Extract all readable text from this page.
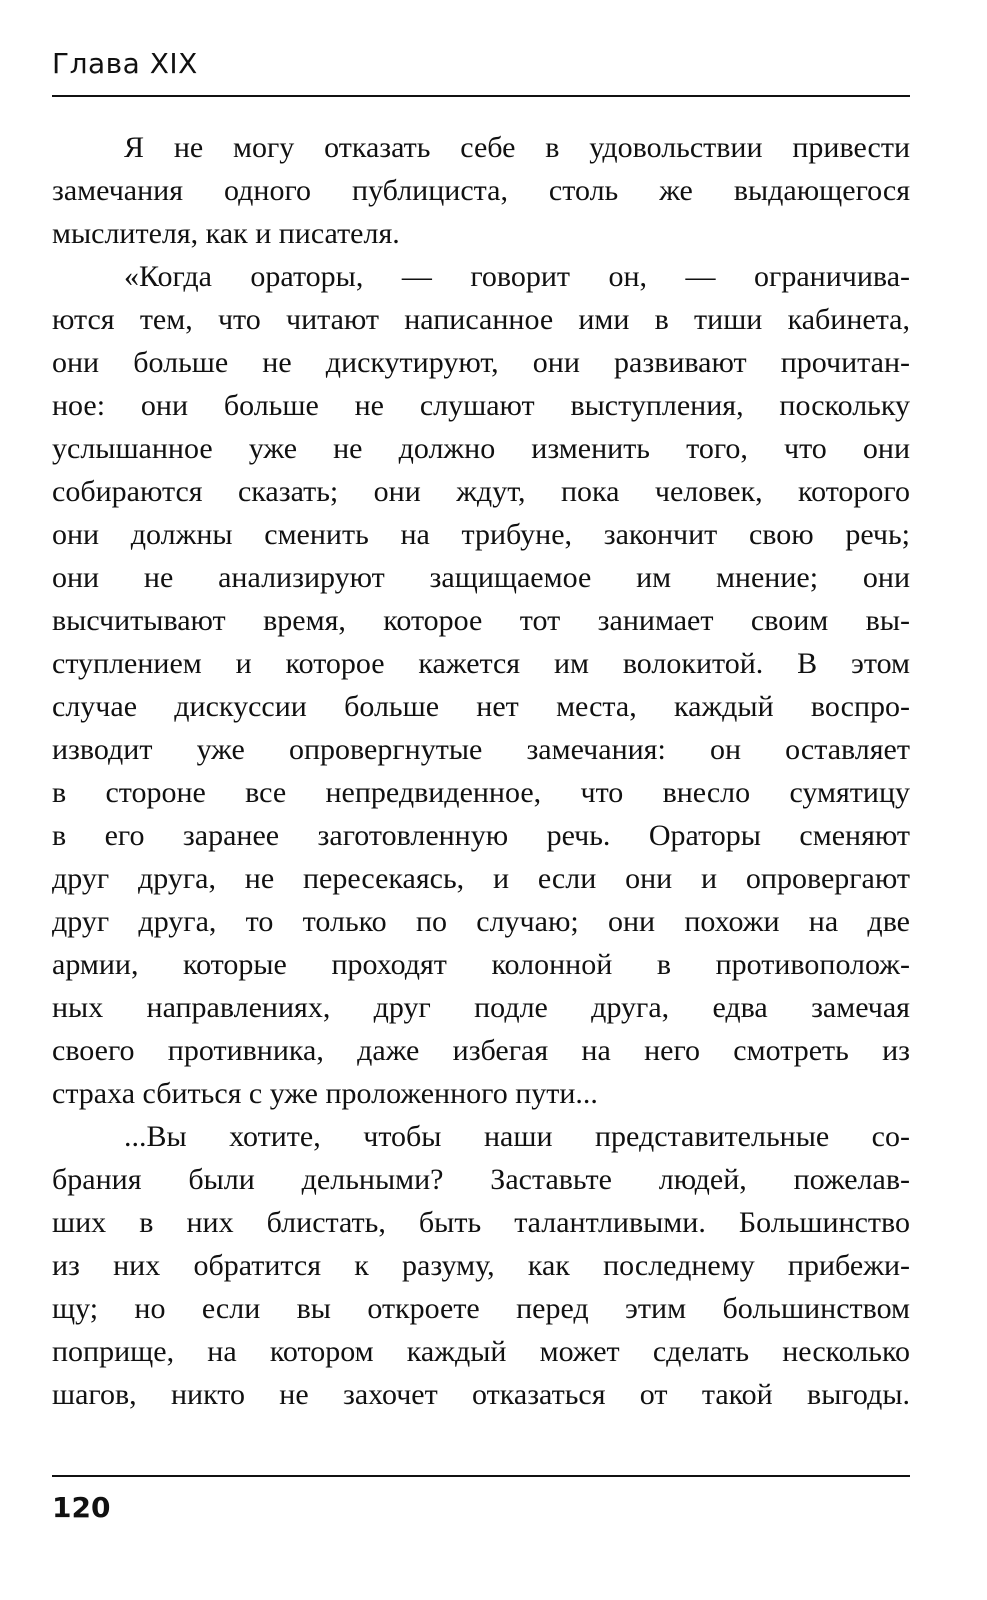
Глава XIX
Я не могу отказать себе в удовольствии привести
замечания одного публициста, столь же выдающегося
мыслителя, как и писателя.
«Когда ораторы, — говорит он, — ограничива-
ются тем, что читают написанное ими в тиши кабинета,
они больше не дискутируют, они развивают прочитан-
ное: они больше не слушают выступления, поскольку
услышанное уже не должно изменить того, что они
собираются сказать; они ждут, пока человек, которого
они должны сменить на трибуне, закончит свою речь;
они не анализируют защищаемое им мнение; они
высчитывают время, которое тот занимает своим вы-
ступлением и которое кажется им волокитой. В этом
случае дискуссии больше нет места, каждый воспро-
изводит уже опровергнутые замечания: он оставляет
в стороне все непредвиденное, что внесло сумятицу
в его заранее заготовленную речь. Ораторы сменяют
друг друга, не пересекаясь, и если они и опровергают
друг друга, то только по случаю; они похожи на две
армии, которые проходят колонной в противополож-
ных направлениях, друг подле друга, едва замечая
своего противника, даже избегая на него смотреть из
страха сбиться с уже проложенного пути...
...Вы хотите, чтобы наши представительные со-
брания были дельными? Заставьте людей, пожелав-
ших в них блистать, быть талантливыми. Большинство
из них обратится к разуму, как последнему прибежи-
щу; но если вы откроете перед этим большинством
поприще, на котором каждый может сделать несколько
шагов, никто не захочет отказаться от такой выгоды.
120
